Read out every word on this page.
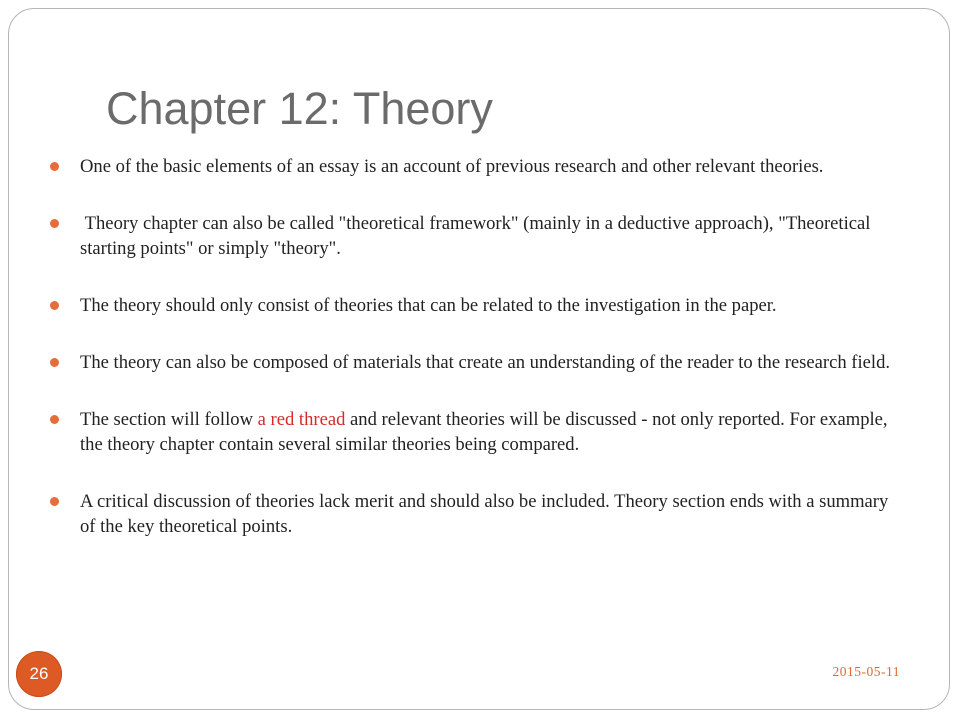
Chapter 12: Theory
One of the basic elements of an essay is an account of previous research and other relevant theories.
Theory chapter can also be called "theoretical framework" (mainly in a deductive approach), "Theoretical starting points" or simply "theory".
The theory should only consist of theories that can be related to the investigation in the paper.
The theory can also be composed of materials that create an understanding of the reader to the research field.
The section will follow a red thread and relevant theories will be discussed - not only reported. For example, the theory chapter contain several similar theories being compared.
A critical discussion of theories lack merit and should also be included. Theory section ends with a summary of the key theoretical points.
26	2015-05-11
